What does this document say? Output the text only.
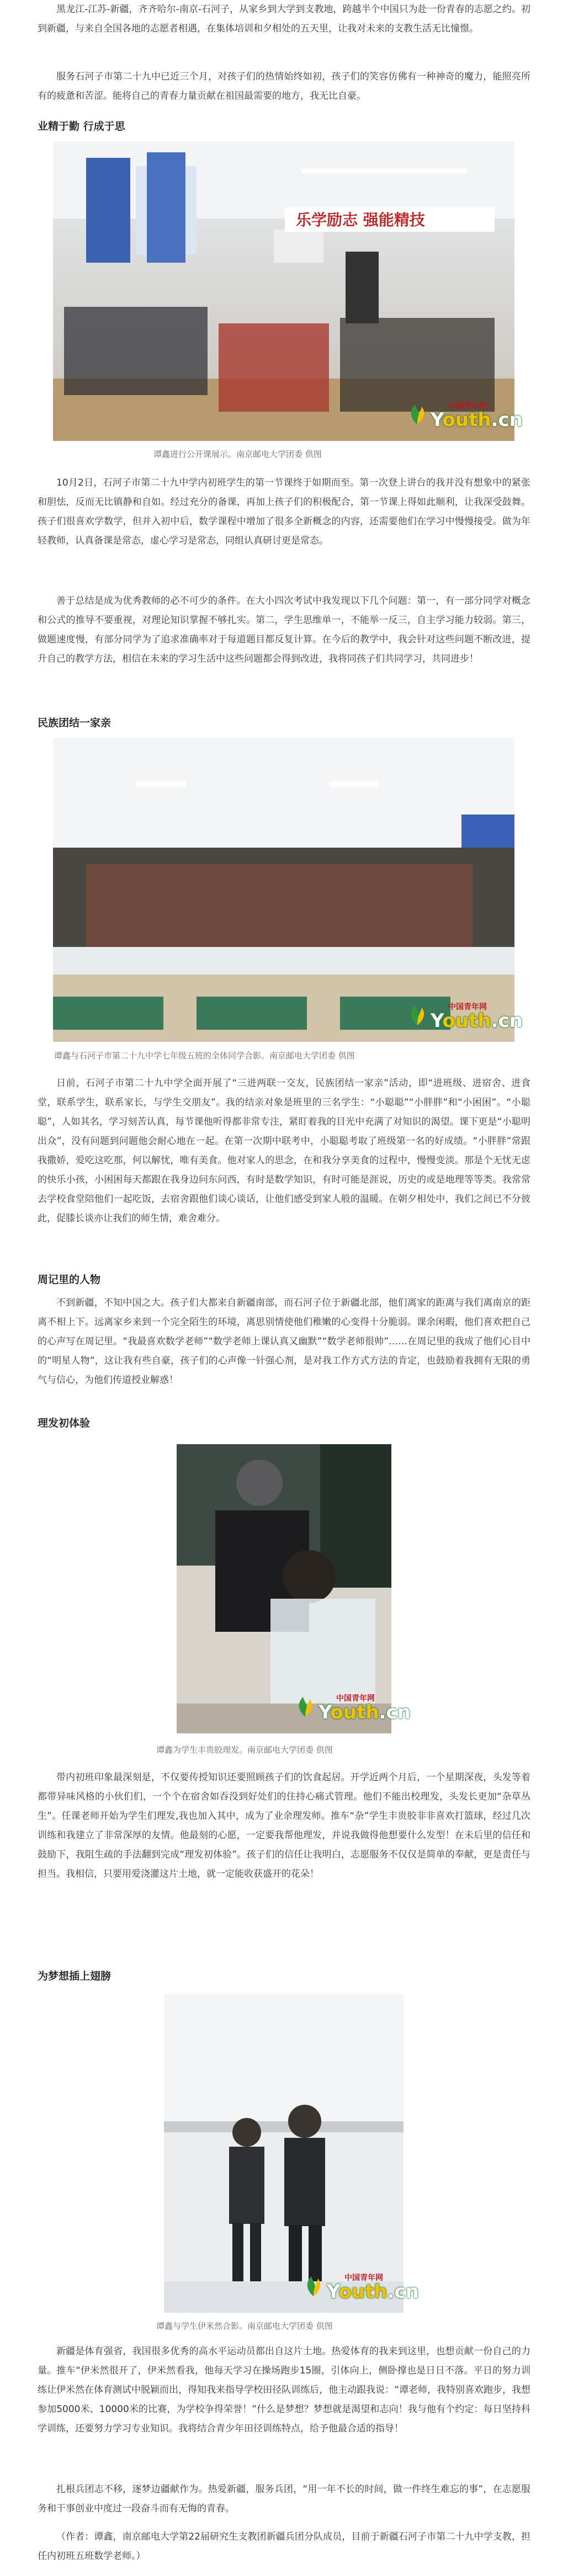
黑龙江-江苏-新疆，齐齐哈尔-南京-石河子，从家乡到大学到支教地，跨越半个中国只为赴一份青春的志愿之约。初到新疆，与来自全国各地的志愿者相遇，在集体培训和夕相处的五天里，让我对未来的支教生活无比憧憬。

服务石河子市第二十九中已近三个月，对孩子们的热情始终如初，孩子们的笑容仿佛有一种神奇的魔力，能照亮所有的疲惫和苦涩。能将自己的青春力量贡献在祖国最需要的地方，我无比自豪。

业精于勤 行成于思

乐学励志 强能精技
中国青年网
Youth.cn
谭鑫进行公开课展示。南京邮电大学团委 供图

10月2日，石河子市第二十九中学内初班学生的第一节课终于如期而至。第一次登上讲台的我并没有想象中的紧张和胆怯，反而无比镇静和自如。经过充分的备课，再加上孩子们的积极配合，第一节课上得如此顺利，让我深受鼓舞。孩子们很喜欢学数学，但并入初中后，数学课程中增加了很多全新概念的内容，还需要他们在学习中慢慢接受。做为年轻教师，认真备课是常态，虚心学习是常态，同组认真研讨更是常态。

善于总结是成为优秀教师的必不可少的条件。在大小四次考试中我发现以下几个问题：第一，有一部分同学对概念和公式的推导不要重视，对理论知识掌握不够扎实。第二，学生思维单一，不能举一反三，自主学习能力较弱。第三，做题速度慢，有部分同学为了追求准确率对于每道题目都反复计算。在今后的教学中，我会针对这些问题不断改进，提升自己的教学方法，相信在未来的学习生活中这些问题都会得到改进，我将同孩子们共同学习，共同进步！

民族团结一家亲

中国青年网
Youth.cn
谭鑫与石河子市第二十九中学七年级五班的全体同学合影。南京邮电大学团委 供图

日前，石河子市第二十九中学全面开展了“三进两联一交友，民族团结一家亲”活动，即“进班级、进宿舍、进食堂，联系学生，联系家长，与学生交朋友”。我的结亲对象是班里的三名学生：“小聪聪”“小胖胖”和“小困困”。“小聪聪”，人如其名，学习刻苦认真，每节课他听得都非常专注，紧盯着我的目光中充满了对知识的渴望。课下更是“小聪明出众”，没有问题到问题他会耐心地在一起。在第一次期中联考中，小聪聪考取了班级第一名的好成绩。“小胖胖”常跟我撒娇，爱吃这吃那，何以解忧，唯有美食。他对家人的思念，在和我分享美食的过程中，慢慢变淡。那是个无忧无虑的快乐小孩，小困困每天都跟在我身边问东问西，有时是数学知识，有时可能是涯说，历史的或是地理等等类。我常常去学校食堂陪他们一起吃饭，去宿舍跟他们谈心谈话，让他们感受到家人般的温暖。在朝夕相处中，我们之间已不分彼此，促膝长谈亦让我们的师生情，难舍难分。

周记里的人物

不到新疆，不知中国之大。孩子们大都来自新疆南部，而石河子位于新疆北部，他们离家的距离与我们离南京的距离不相上下。远离家乡来到一个完全陌生的环境，离思别情使他们稚嫩的心变得十分脆弱。课余闲暇，他们喜欢把自己的心声写在周记里。“我最喜欢数学老师”“数学老师上课认真又幽默”“数学老师很帅”……在周记里的我成了他们心目中的“明星人物”，这让我有些自豪，孩子们的心声像一针强心剂，是对我工作方式方法的肯定，也鼓励着我拥有无限的勇气与信心，为他们传道授业解惑！

理发初体验

中国青年网
Youth.cn
谭鑫为学生丰贵胶理发。南京邮电大学团委 供图

带内初班印象最深刻是，不仅要传授知识还要照顾孩子们的饮食起居。开学近两个月后，一个星期深夜，头发等着都带异味风格的小伙们们，一个个在宿舍如吞没到好处们的住持心痛式管理。他们不能出校理发，头发长更加“杂草丛生”。任课老师开始为学生们理发,我也加入其中，成为了业余理发师。推车“杂”学生丰贵胶非非喜欢打篮球，经过几次训练和我建立了非常深厚的友情。他最刻的心愿，一定要我帮他理发，并说我做得他想要什么发型！在未后里的信任和鼓励下，我阻生疏的手法翻到完成“理发初体验”。孩子们的信任让我明白，志愿服务不仅仅是简单的奉献，更是责任与担当。我相信，只要用爱浇灌这片土地，就一定能收获盛开的花朵！

为梦想插上翅膀

中国青年网
Youth.cn
谭鑫与学生伊米然合影。南京邮电大学团委 供图

新疆是体育强省，我国很多优秀的高水平运动员都出自这片土地。热爱体育的我来到这里，也想贡献一份自己的力量。推车“伊米然很开了，伊米然看我，他每天学习在操场跑步15圈，引体向上，侧卧撑也是日日不落。平日的努力训练让伊米然在体育测试中脱颖而出，得知我来指导学校田径队训练后，他主动跟我说：“谭老师，我特别喜欢跑步，我想参加5000米、10000米的比赛，为学校争得荣誉！”什么是梦想？梦想就是渴望和志向！我与他有个约定：每日坚持科学训练，还要努力学习专业知识。我将结合青少年田径训练特点，给予他最合适的指导！

扎根兵团志不移，逐梦边疆献作为。热爱新疆，服务兵团，“用一年不长的时间，做一件终生难忘的事”，在志愿服务和干事创业中度过一段奋斗而有无悔的青春。

（作者：谭鑫，南京邮电大学第22届研究生支教团新疆兵团分队成员，目前于新疆石河子市第二十九中学支教，担任内初班五班数学老师。）
